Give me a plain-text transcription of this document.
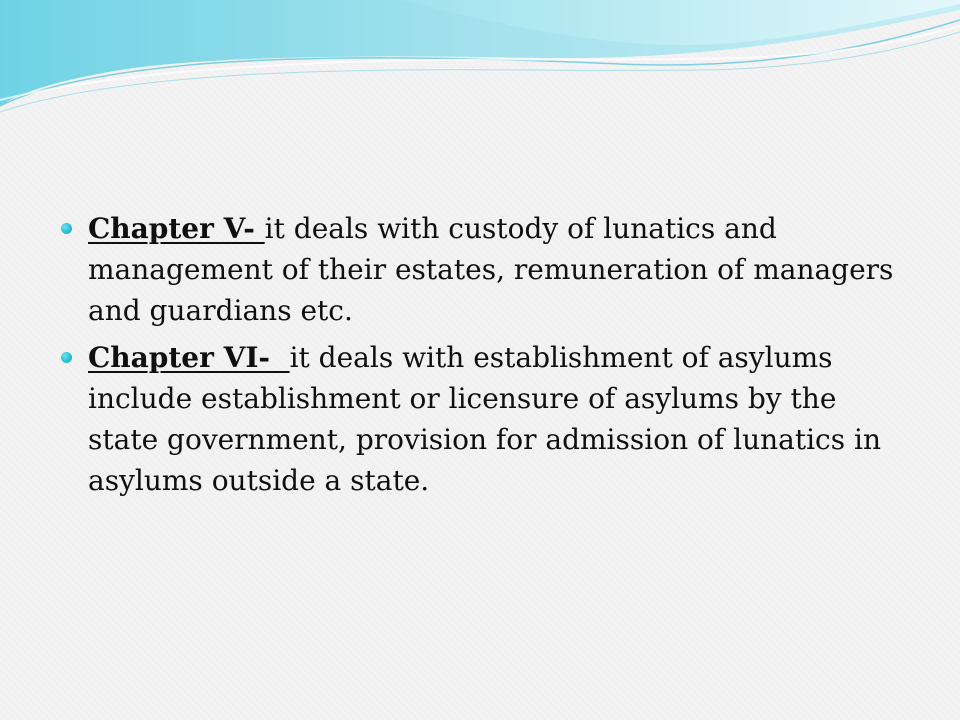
Chapter V- it deals with custody of lunatics and management of their estates, remuneration of managers and guardians etc.
Chapter VI-  it deals with establishment of asylums include establishment or licensure of asylums by the state government, provision for admission of lunatics in asylums outside a state.
